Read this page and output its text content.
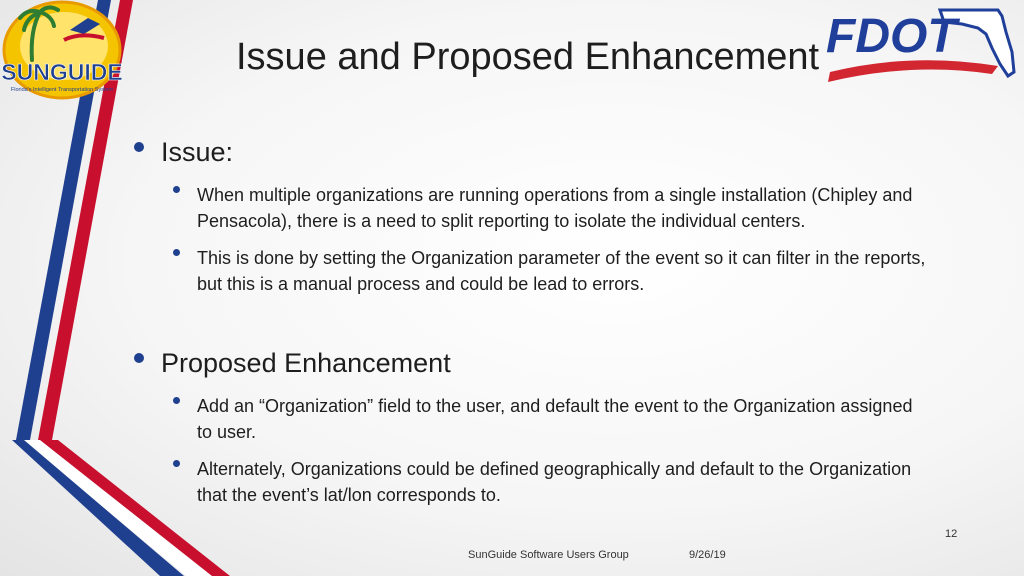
SUNGUIDE
Florida's Intelligent Transportation System
FDOT
Issue and Proposed Enhancement
Issue:
When multiple organizations are running operations from a single installation (Chipley and Pensacola), there is a need to split reporting to isolate the individual centers.
This is done by setting the Organization parameter of the event so it can filter in the reports, but this is a manual process and could be lead to errors.
Proposed Enhancement
Add an “Organization” field to the user, and default the event to the Organization assigned to user.
Alternately, Organizations could be defined geographically and default to the Organization that the event’s lat/lon corresponds to.
12
SunGuide Software Users Group	9/26/19
